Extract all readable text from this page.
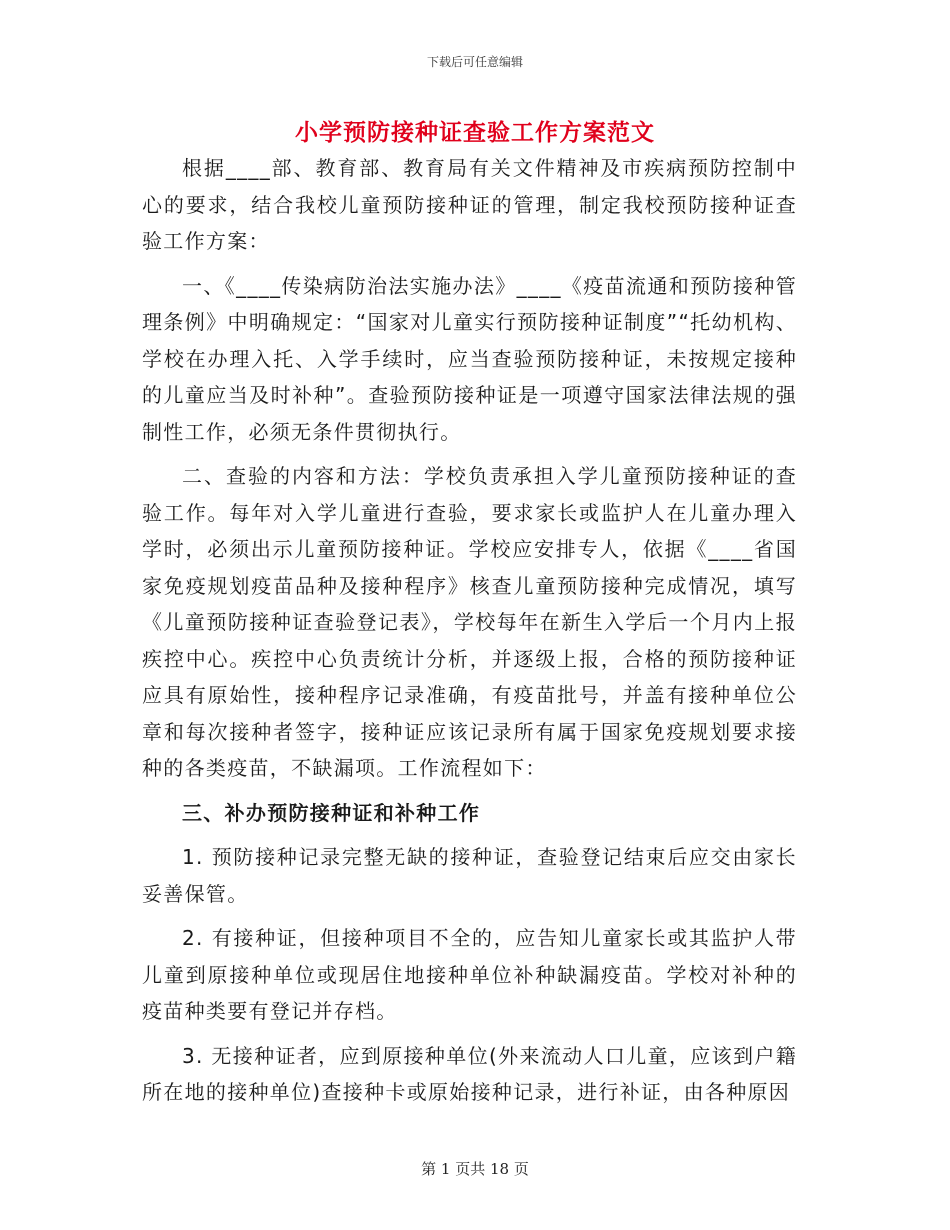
下载后可任意编辑
小学预防接种证查验工作方案范文

根据____部、教育部、教育局有关文件精神及市疾病预防控制中心的要求，结合我校儿童预防接种证的管理，制定我校预防接种证查验工作方案：

一、《____传染病防治法实施办法》____《疫苗流通和预防接种管理条例》中明确规定：“国家对儿童实行预防接种证制度”“托幼机构、学校在办理入托、入学手续时，应当查验预防接种证，未按规定接种的儿童应当及时补种”。查验预防接种证是一项遵守国家法律法规的强制性工作，必须无条件贯彻执行。

二、查验的内容和方法：学校负责承担入学儿童预防接种证的查验工作。每年对入学儿童进行查验，要求家长或监护人在儿童办理入学时，必须出示儿童预防接种证。学校应安排专人，依据《____省国家免疫规划疫苗品种及接种程序》核查儿童预防接种完成情况，填写《儿童预防接种证查验登记表》，学校每年在新生入学后一个月内上报疾控中心。疾控中心负责统计分析，并逐级上报，合格的预防接种证应具有原始性，接种程序记录准确，有疫苗批号，并盖有接种单位公章和每次接种者签字，接种证应该记录所有属于国家免疫规划要求接种的各类疫苗，不缺漏项。工作流程如下：

三、补办预防接种证和补种工作

1. 预防接种记录完整无缺的接种证，查验登记结束后应交由家长妥善保管。

2. 有接种证，但接种项目不全的，应告知儿童家长或其监护人带儿童到原接种单位或现居住地接种单位补种缺漏疫苗。学校对补种的疫苗种类要有登记并存档。

3. 无接种证者，应到原接种单位(外来流动人口儿童，应该到户籍所在地的接种单位)查接种卡或原始接种记录，进行补证，由各种原因

第 1 页共 18 页
